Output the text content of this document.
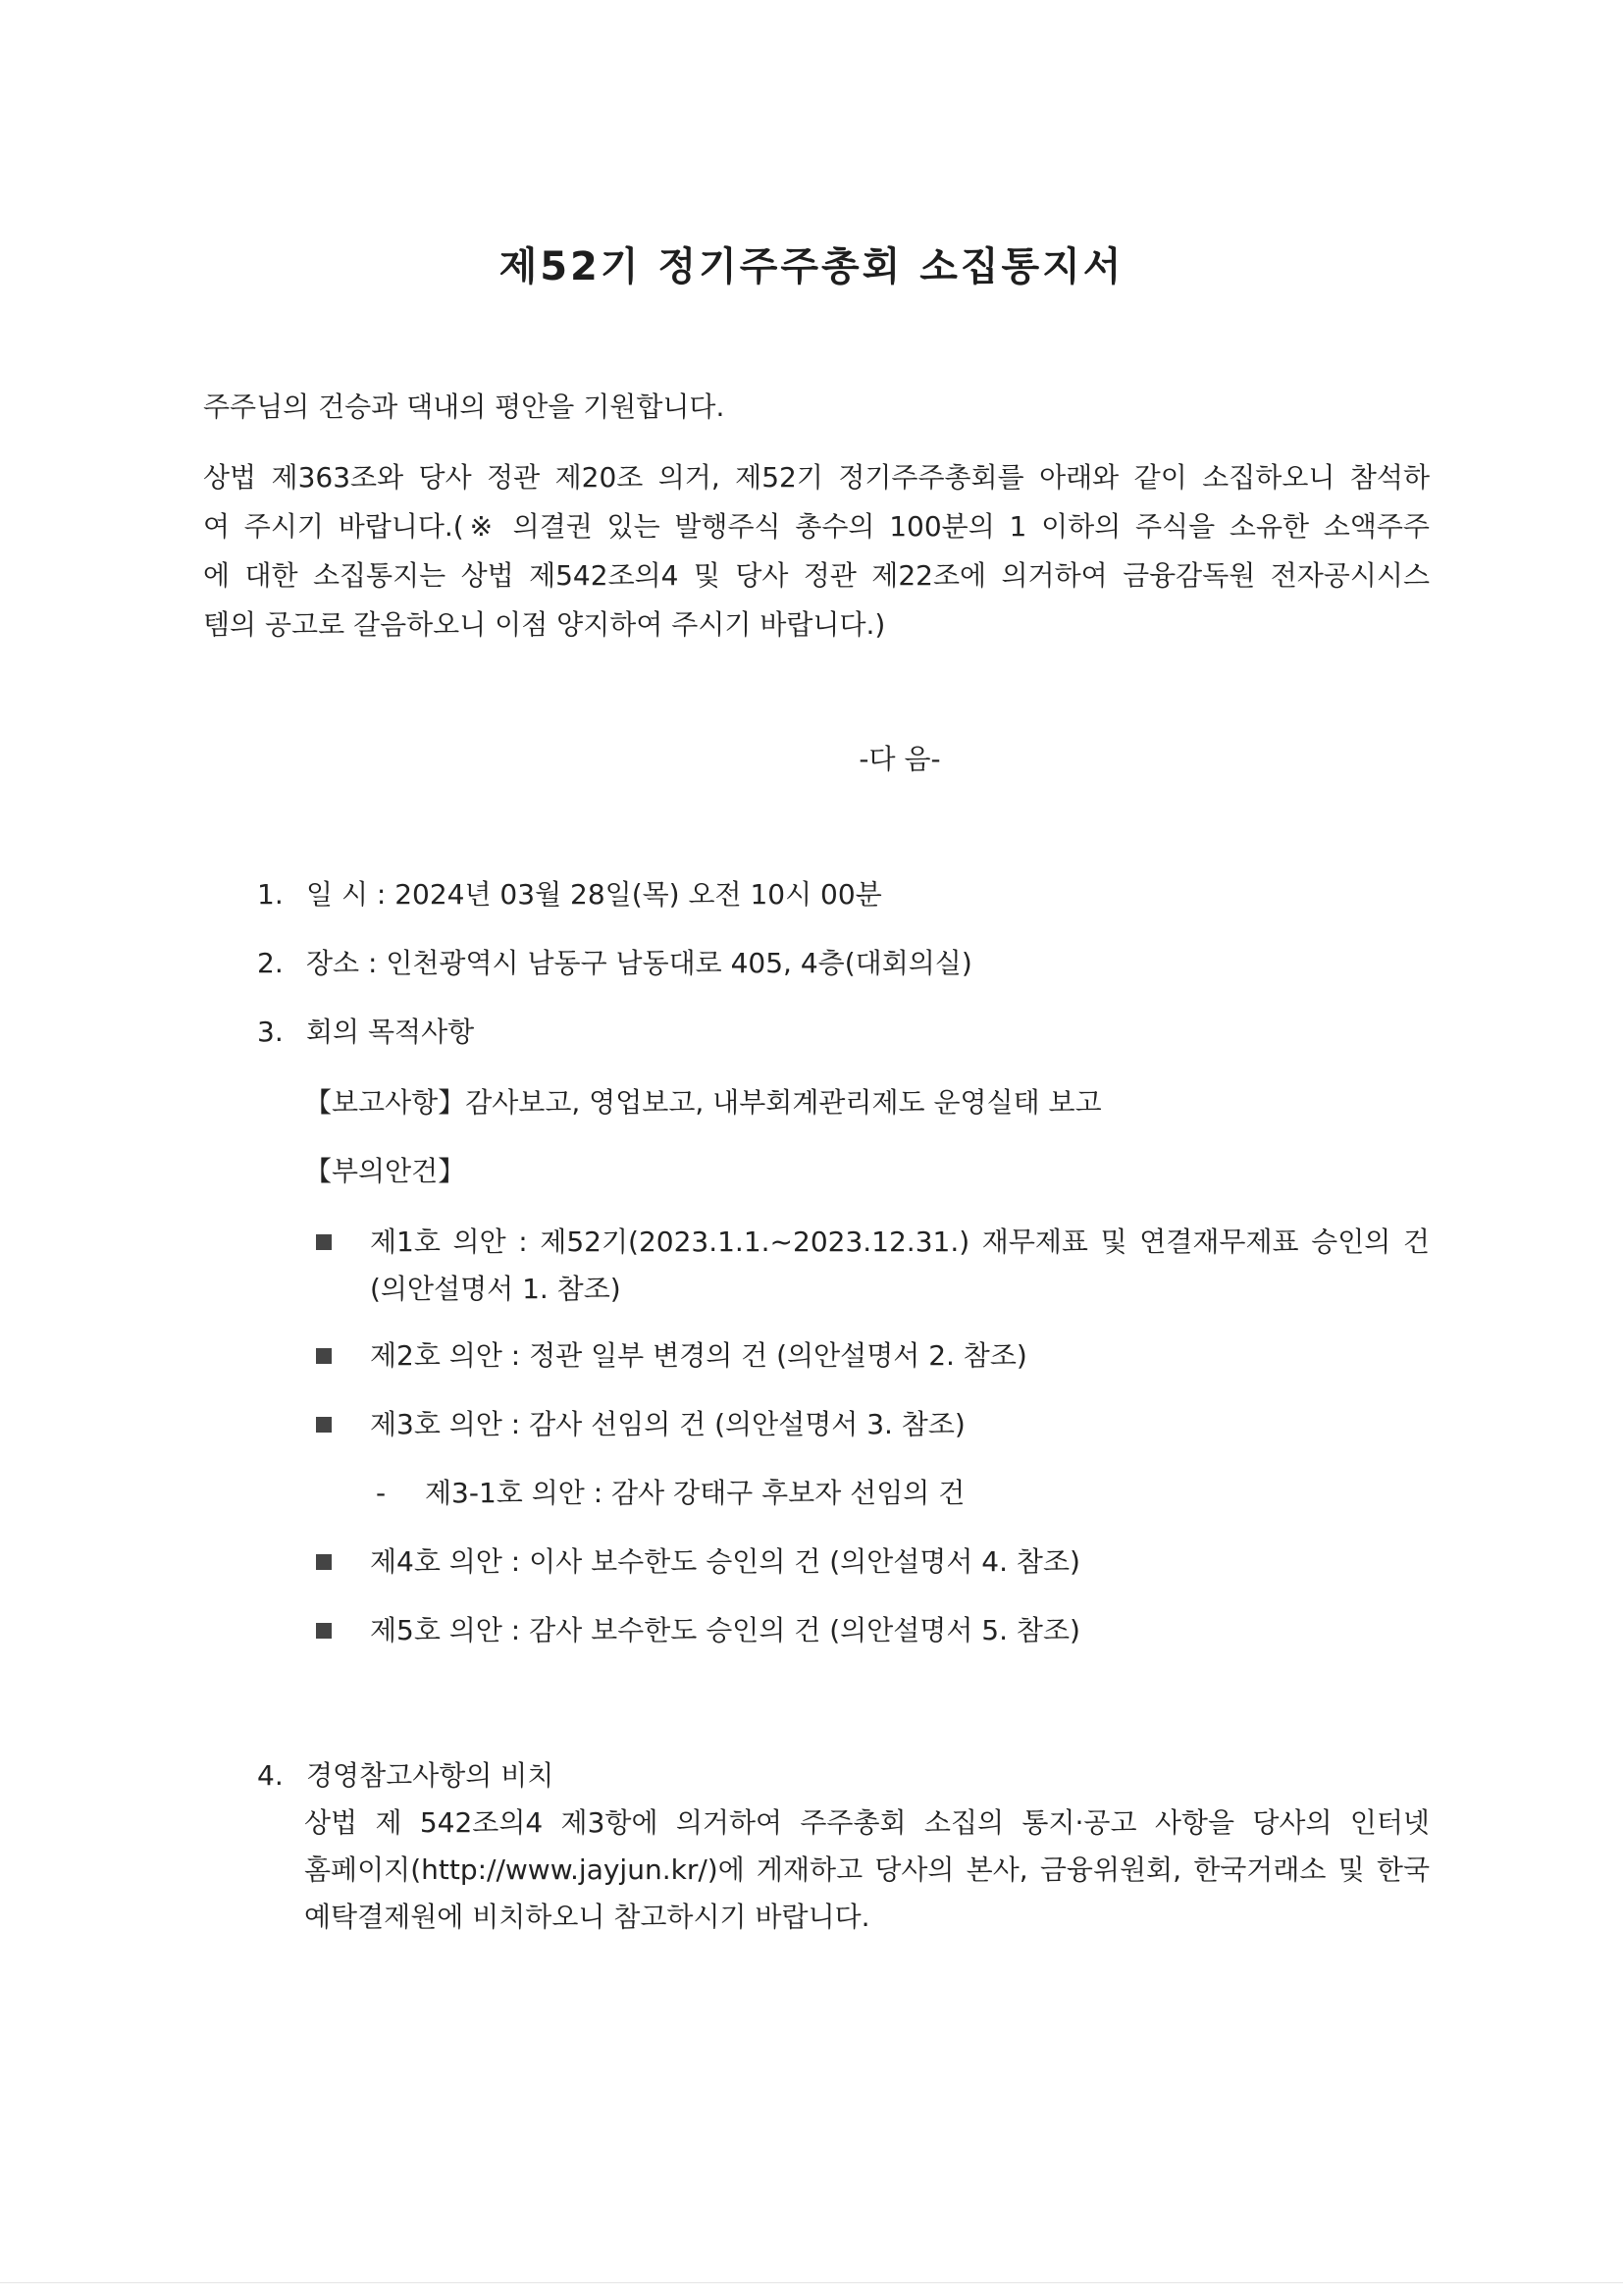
제52기 정기주주총회 소집통지서
주주님의 건승과 댁내의 평안을 기원합니다.
상법 제363조와 당사 정관 제20조 의거, 제52기 정기주주총회를 아래와 같이 소집하오니 참석하
여 주시기 바랍니다.(※ 의결권 있는 발행주식 총수의 100분의 1 이하의 주식을 소유한 소액주주
에 대한 소집통지는 상법 제542조의4 및 당사 정관 제22조에 의거하여 금융감독원 전자공시시스
템의 공고로 갈음하오니 이점 양지하여 주시기 바랍니다.)
-다 음-
1. 일 시 : 2024년 03월 28일(목) 오전 10시 00분
2. 장소 : 인천광역시 남동구 남동대로 405, 4층(대회의실)
3. 회의 목적사항
【보고사항】감사보고, 영업보고, 내부회계관리제도 운영실태 보고
【부의안건】
제1호 의안 : 제52기(2023.1.1.~2023.12.31.) 재무제표 및 연결재무제표 승인의 건
(의안설명서 1. 참조)
제2호 의안 : 정관 일부 변경의 건 (의안설명서 2. 참조)
제3호 의안 : 감사 선임의 건 (의안설명서 3. 참조)
- 제3-1호 의안 : 감사 강태구 후보자 선임의 건
제4호 의안 : 이사 보수한도 승인의 건 (의안설명서 4. 참조)
제5호 의안 : 감사 보수한도 승인의 건 (의안설명서 5. 참조)
4. 경영참고사항의 비치
상법 제 542조의4 제3항에 의거하여 주주총회 소집의 통지·공고 사항을 당사의 인터넷
홈페이지(http://www.jayjun.kr/)에 게재하고 당사의 본사, 금융위원회, 한국거래소 및 한국
예탁결제원에 비치하오니 참고하시기 바랍니다.
